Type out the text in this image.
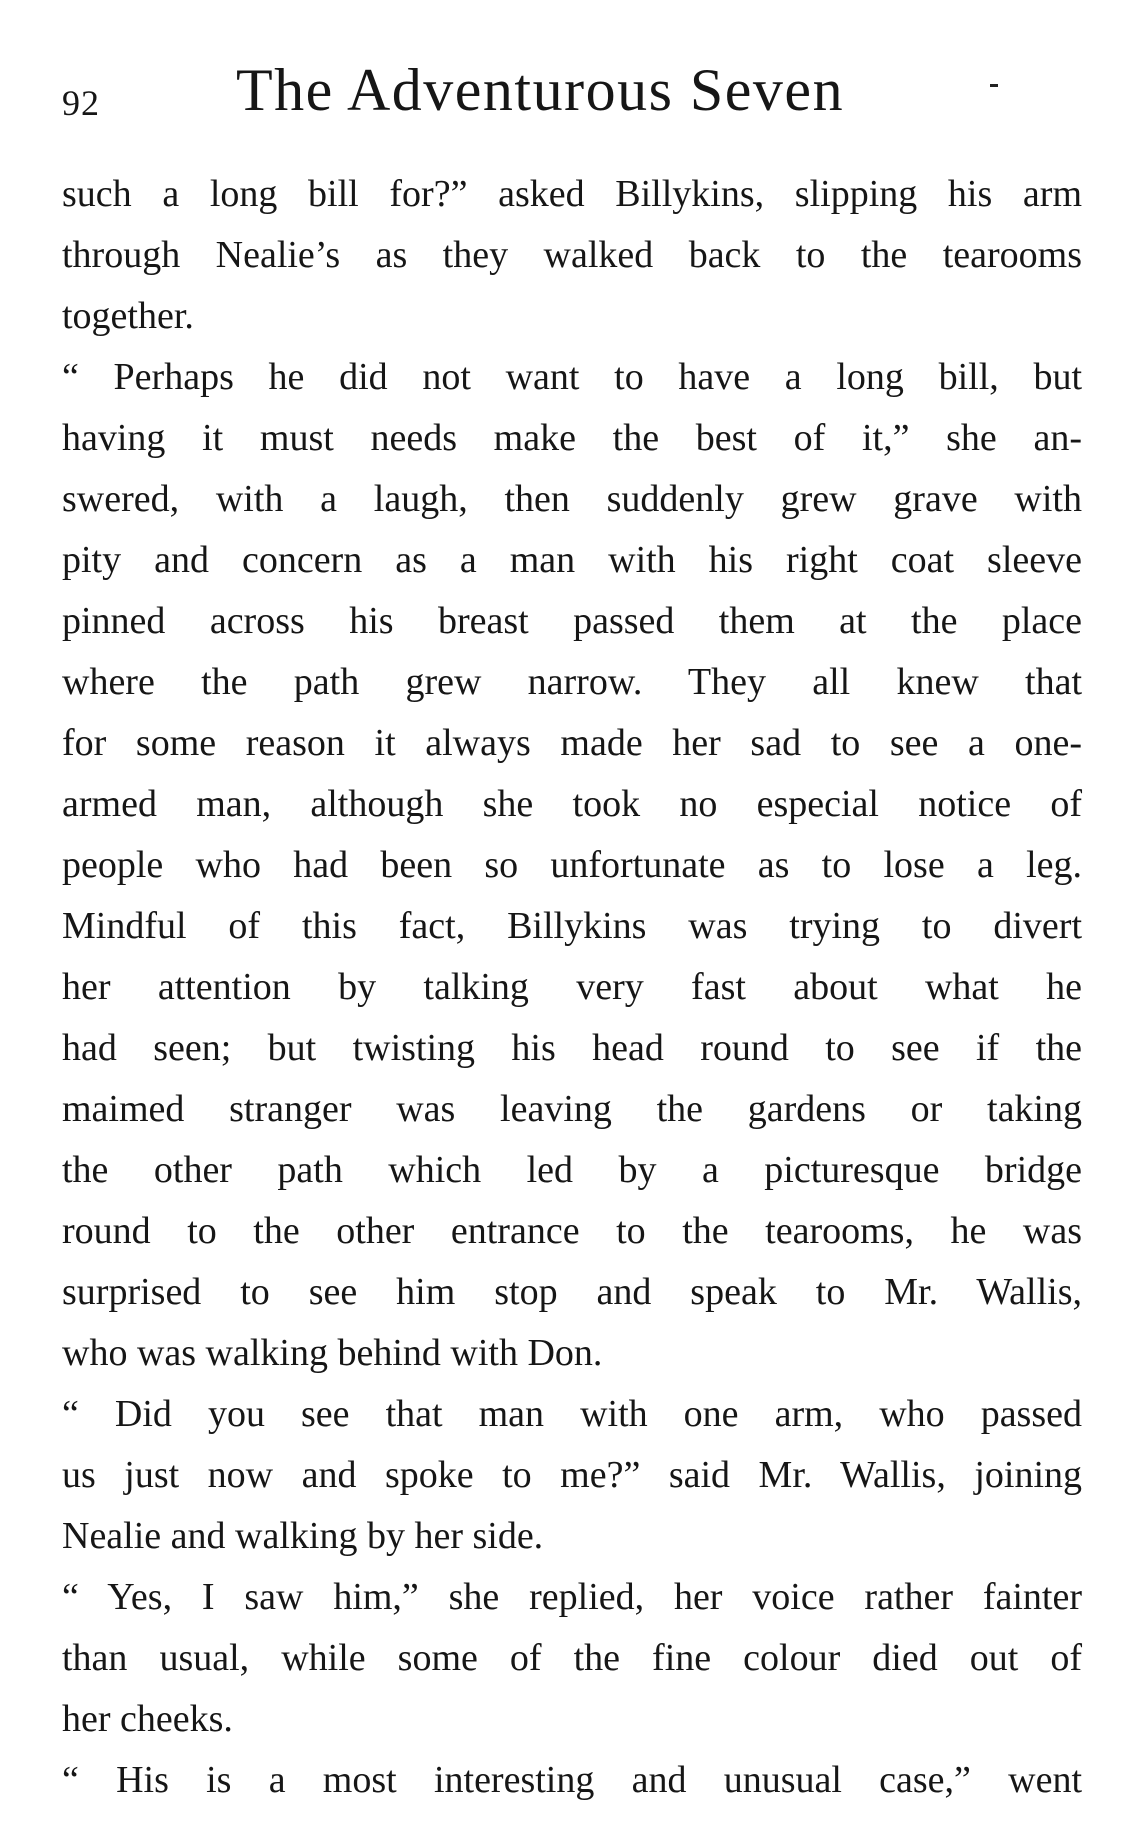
92 The Adventurous Seven
such a long bill for?” asked Billykins, slipping his arm
through Nealie’s as they walked back to the tearooms
together.
“ Perhaps he did not want to have a long bill, but
having it must needs make the best of it,” she an-
swered, with a laugh, then suddenly grew grave with
pity and concern as a man with his right coat sleeve
pinned across his breast passed them at the place
where the path grew narrow. They all knew that
for some reason it always made her sad to see a one-
armed man, although she took no especial notice of
people who had been so unfortunate as to lose a leg.
Mindful of this fact, Billykins was trying to divert
her attention by talking very fast about what he
had seen; but twisting his head round to see if the
maimed stranger was leaving the gardens or taking
the other path which led by a picturesque bridge
round to the other entrance to the tearooms, he was
surprised to see him stop and speak to Mr. Wallis,
who was walking behind with Don.
“ Did you see that man with one arm, who passed
us just now and spoke to me?” said Mr. Wallis, joining
Nealie and walking by her side.
“ Yes, I saw him,” she replied, her voice rather fainter
than usual, while some of the fine colour died out of
her cheeks.
“ His is a most interesting and unusual case,” went
